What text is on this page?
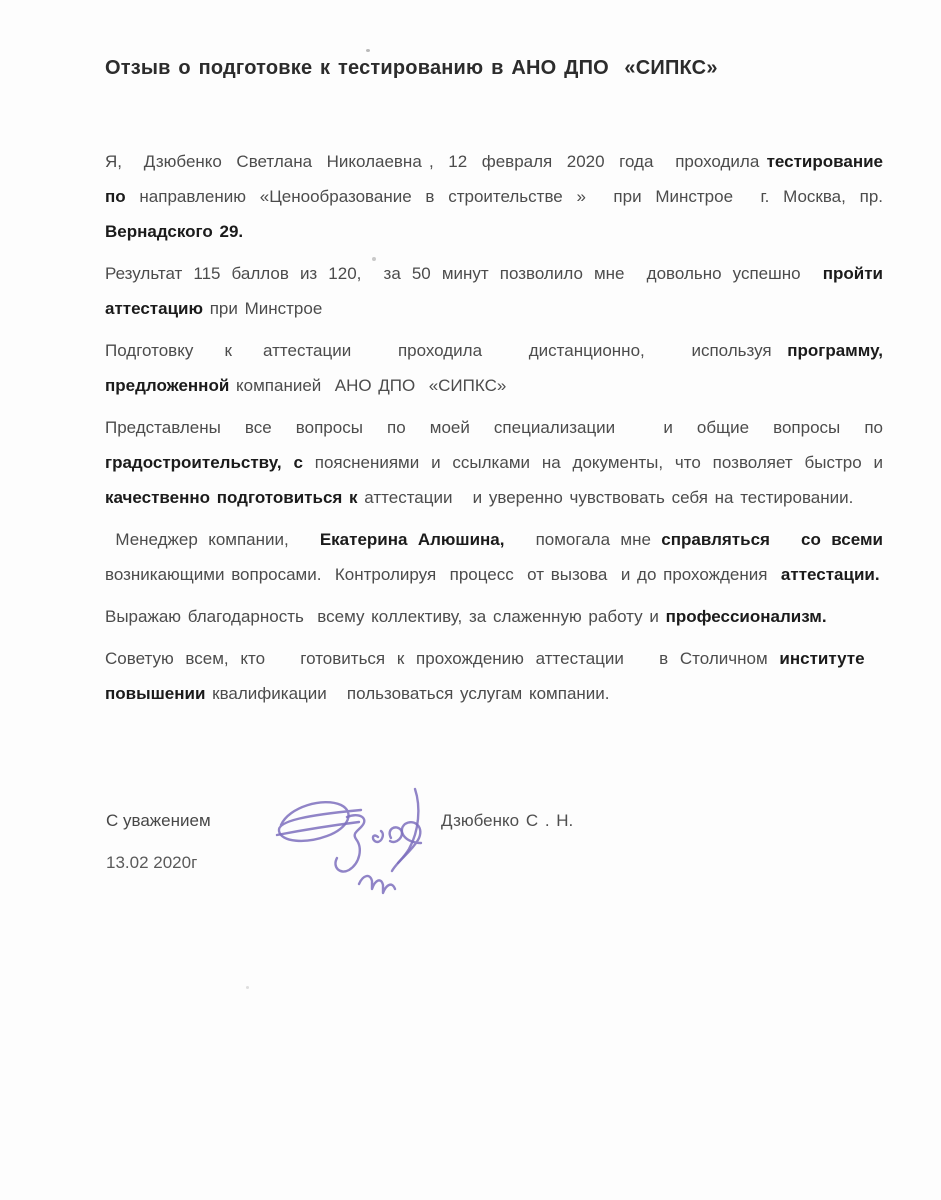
Отзыв о подготовке к тестированию в АНО ДПО  «СИПКС»

Я,   Дзюбенко  Светлана  Николаевна ,  12  февраля  2020  года   проходила тестирование по направлению «Ценообразование в строительстве »  при Минстрое  г. Москва, пр. Вернадского 29.

Результат 115 баллов из 120,  за 50 минут позволило мне  довольно успешно  пройти аттестацию при Минстрое

Подготовку  к  аттестации   проходила   дистанционно,   используя программу, предложенной компанией  АНО ДПО  «СИПКС»

Представлены все вопросы по моей специализации  и общие вопросы по градостроительству, с пояснениями и ссылками на документы, что позволяет быстро и качественно подготовиться к аттестации   и уверенно чувствовать себя на тестировании.

Менеджер компании,   Екатерина Алюшина,   помогала мне справляться   со всеми возникающими вопросами.  Контролируя  процесс  от вызова  и до прохождения  аттестации.

Выражаю благодарность  всему коллективу, за слаженную работу и профессионализм.

Советую всем, кто   готовиться к прохождению аттестации   в Столичном институте   повышении квалификации   пользоваться услугам компании.

С уважением
13.02 2020г
Дзюбенко С . Н.
